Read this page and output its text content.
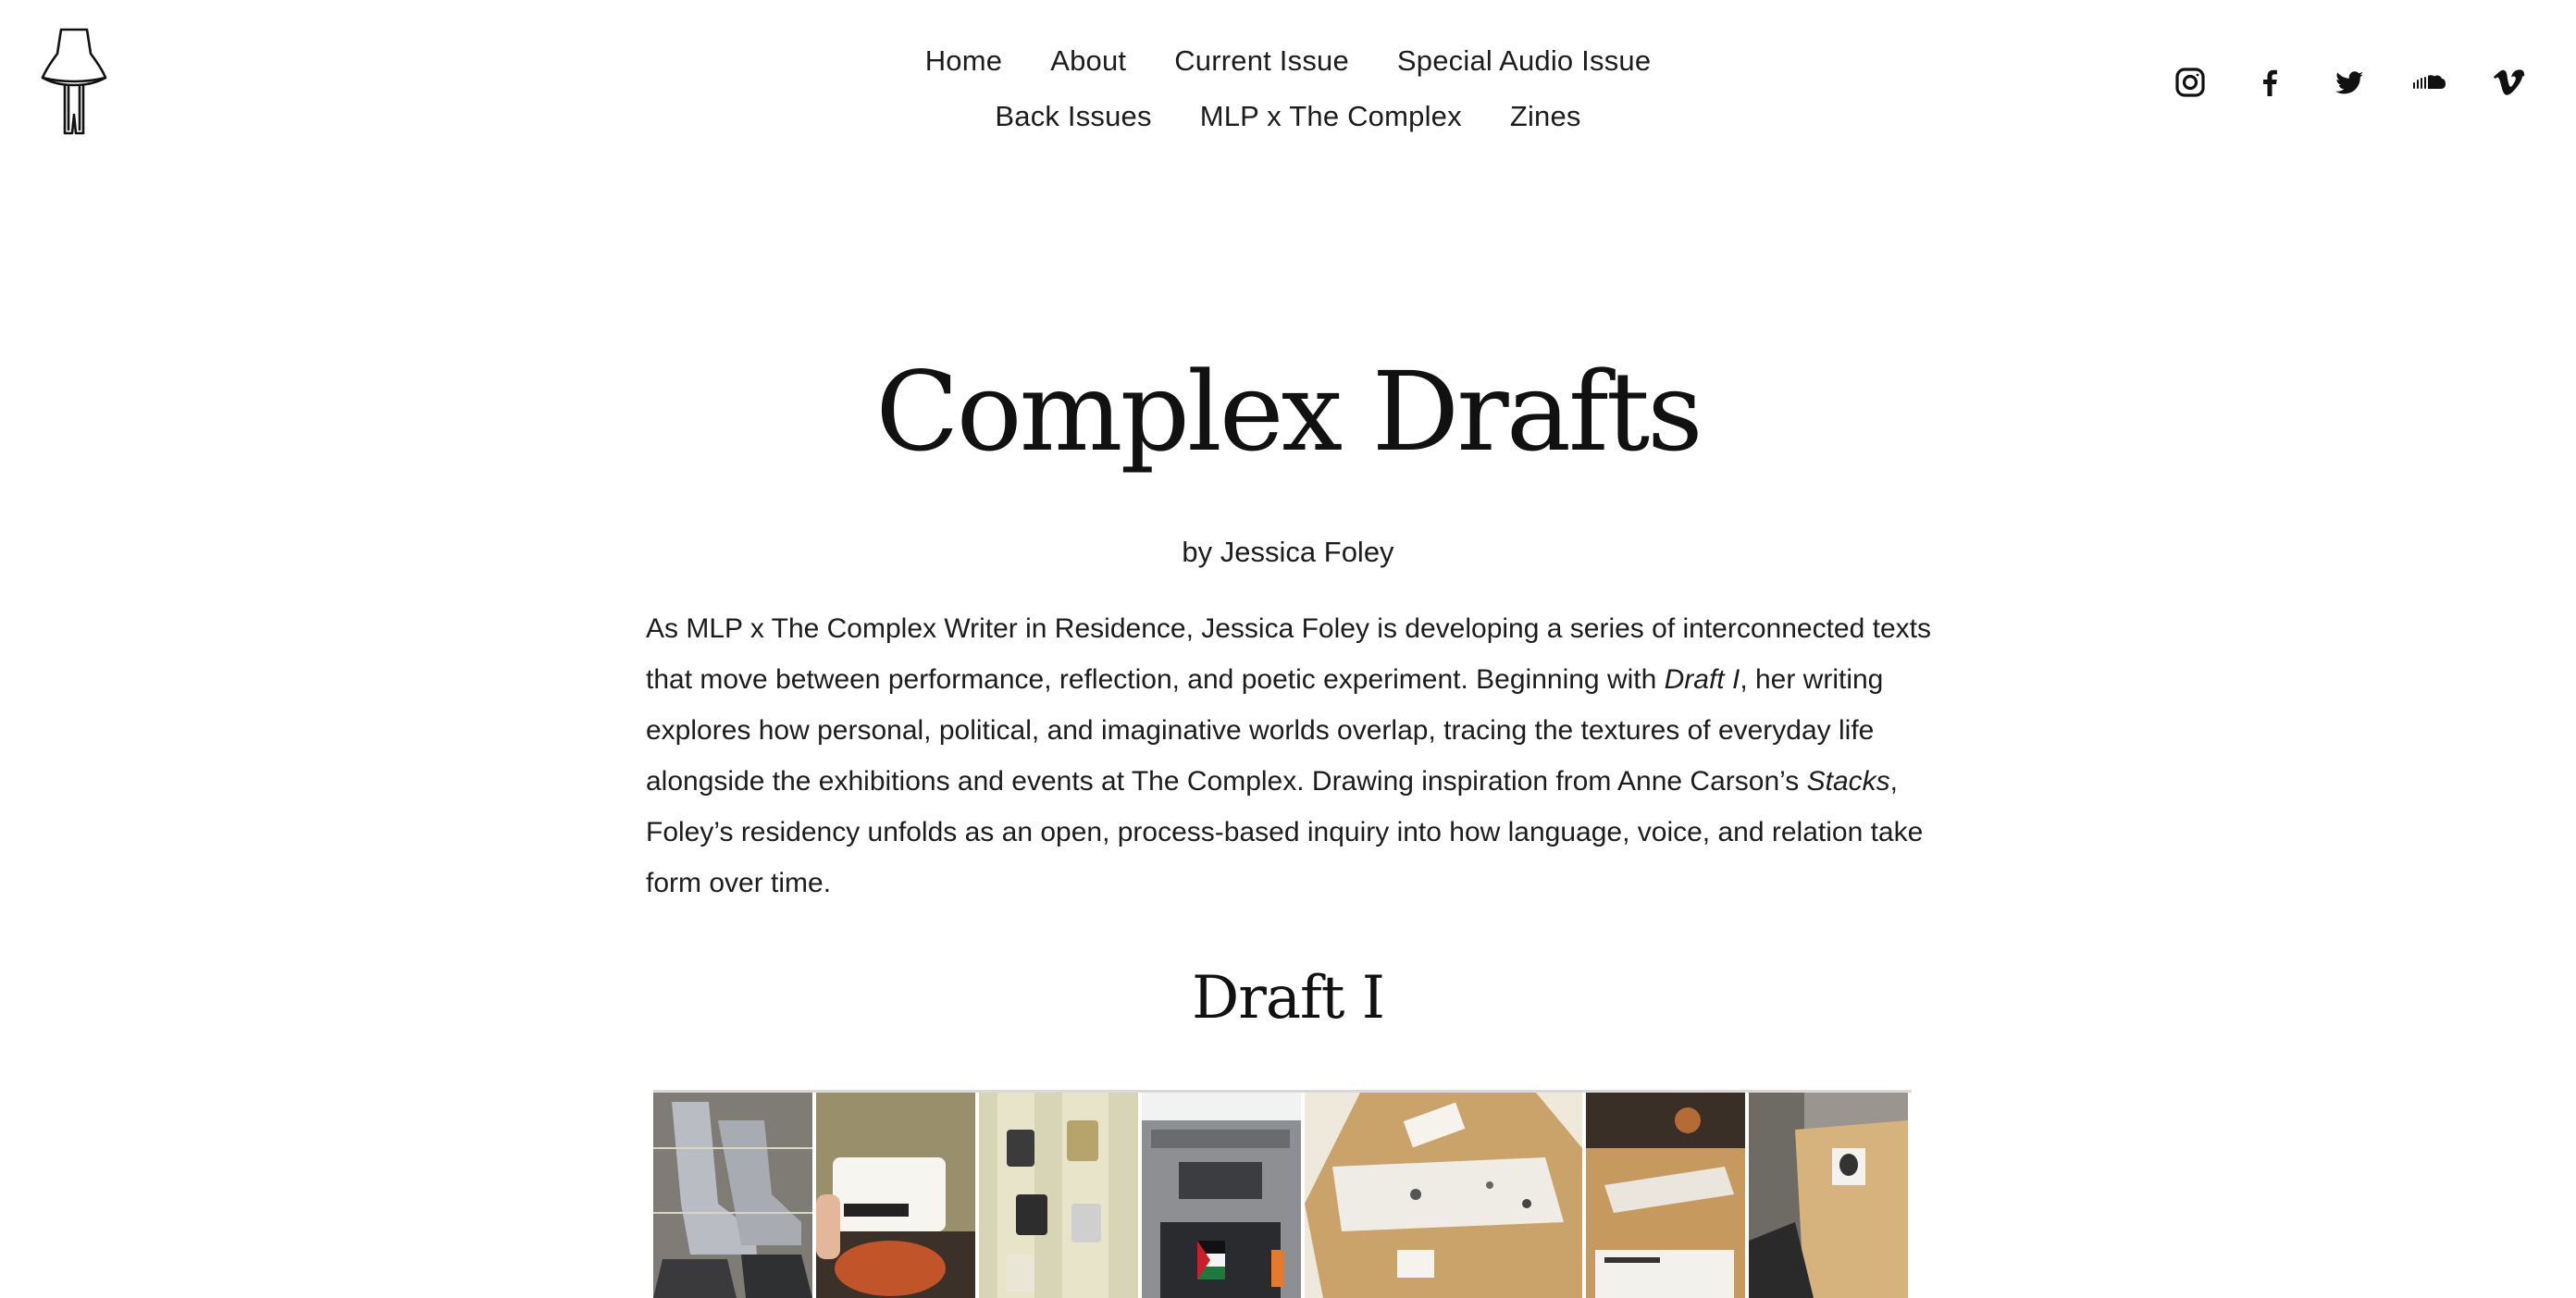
Home About Current Issue Special Audio Issue
Back Issues MLP x The Complex Zines
Complex Drafts
by Jessica Foley

As MLP x The Complex Writer in Residence, Jessica Foley is developing a series of interconnected texts that move between performance, reflection, and poetic experiment. Beginning with Draft I, her writing explores how personal, political, and imaginative worlds overlap, tracing the textures of everyday life alongside the exhibitions and events at The Complex. Drawing inspiration from Anne Carson’s Stacks, Foley’s residency unfolds as an open, process-based inquiry into how language, voice, and relation take form over time.

Draft I
